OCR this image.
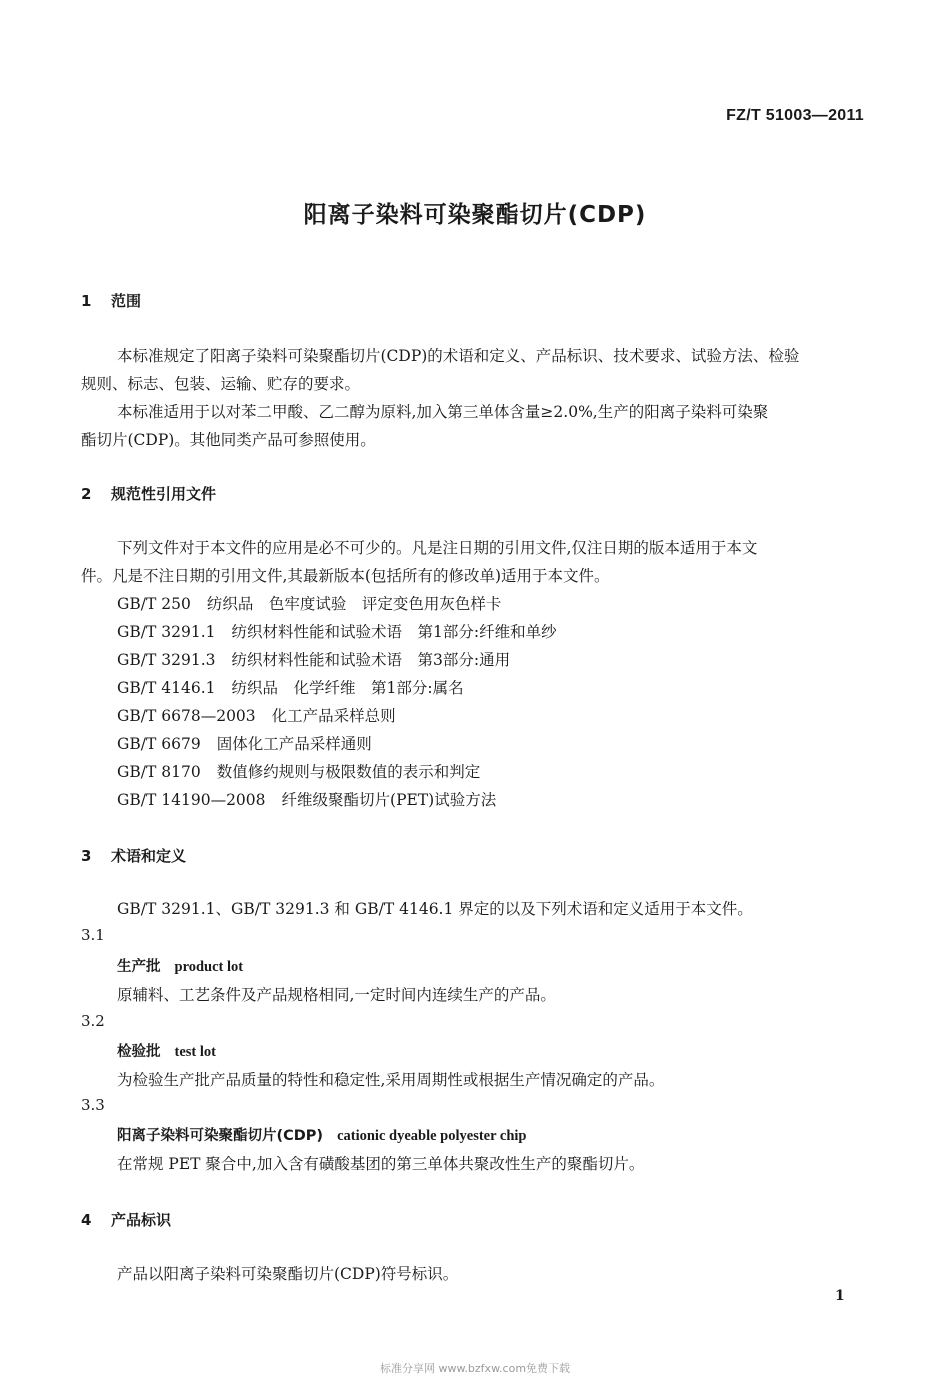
FZ/T 51003—2011
阳离子染料可染聚酯切片(CDP)
1 范围
本标准规定了阳离子染料可染聚酯切片(CDP)的术语和定义、产品标识、技术要求、试验方法、检验
规则、标志、包装、运输、贮存的要求。
本标准适用于以对苯二甲酸、乙二醇为原料,加入第三单体含量≥2.0%,生产的阳离子染料可染聚
酯切片(CDP)。其他同类产品可参照使用。
2 规范性引用文件
下列文件对于本文件的应用是必不可少的。凡是注日期的引用文件,仅注日期的版本适用于本文
件。凡是不注日期的引用文件,其最新版本(包括所有的修改单)适用于本文件。
GB/T 250 纺织品　色牢度试验　评定变色用灰色样卡
GB/T 3291.1 纺织材料性能和试验术语　第1部分:纤维和单纱
GB/T 3291.3 纺织材料性能和试验术语　第3部分:通用
GB/T 4146.1 纺织品　化学纤维　第1部分:属名
GB/T 6678—2003 化工产品采样总则
GB/T 6679 固体化工产品采样通则
GB/T 8170 数值修约规则与极限数值的表示和判定
GB/T 14190—2008 纤维级聚酯切片(PET)试验方法
3 术语和定义
GB/T 3291.1、GB/T 3291.3 和 GB/T 4146.1 界定的以及下列术语和定义适用于本文件。
3.1
生产批 product lot
原辅料、工艺条件及产品规格相同,一定时间内连续生产的产品。
3.2
检验批 test lot
为检验生产批产品质量的特性和稳定性,采用周期性或根据生产情况确定的产品。
3.3
阳离子染料可染聚酯切片(CDP) cationic dyeable polyester chip
在常规 PET 聚合中,加入含有磺酸基团的第三单体共聚改性生产的聚酯切片。
4 产品标识
产品以阳离子染料可染聚酯切片(CDP)符号标识。
1
标准分享网 www.bzfxw.com免费下载
